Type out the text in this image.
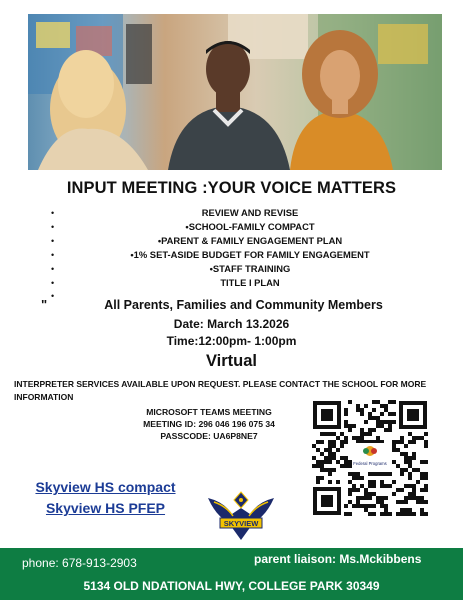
INPUT MEETING :YOUR VOICE MATTERS
•
•
•
•
•
•
•
REVIEW AND REVISE
•SCHOOL-FAMILY COMPACT
•PARENT & FAMILY ENGAGEMENT PLAN
•1% SET-ASIDE BUDGET FOR FAMILY ENGAGEMENT
•STAFF TRAINING
TITLE I PLAN
"	All Parents, Families and Community Members
Date: March 13.2026
Time:12:00pm- 1:00pm
Virtual
INTERPRETER SERVICES AVAILABLE UPON REQUEST. PLEASE CONTACT THE SCHOOL FOR MORE INFORMATION
MICROSOFT TEAMS MEETING
MEETING ID: 296 046 196 075 34
PASSCODE: UA6P8NE7
Federal Programs
Skyview HS compact
Skyview HS PFEP
SKYVIEW
phone: 678-913-2903	parent liaison: Ms.Mckibbens
5134 OLD NDATIONAL HWY, COLLEGE PARK 30349
